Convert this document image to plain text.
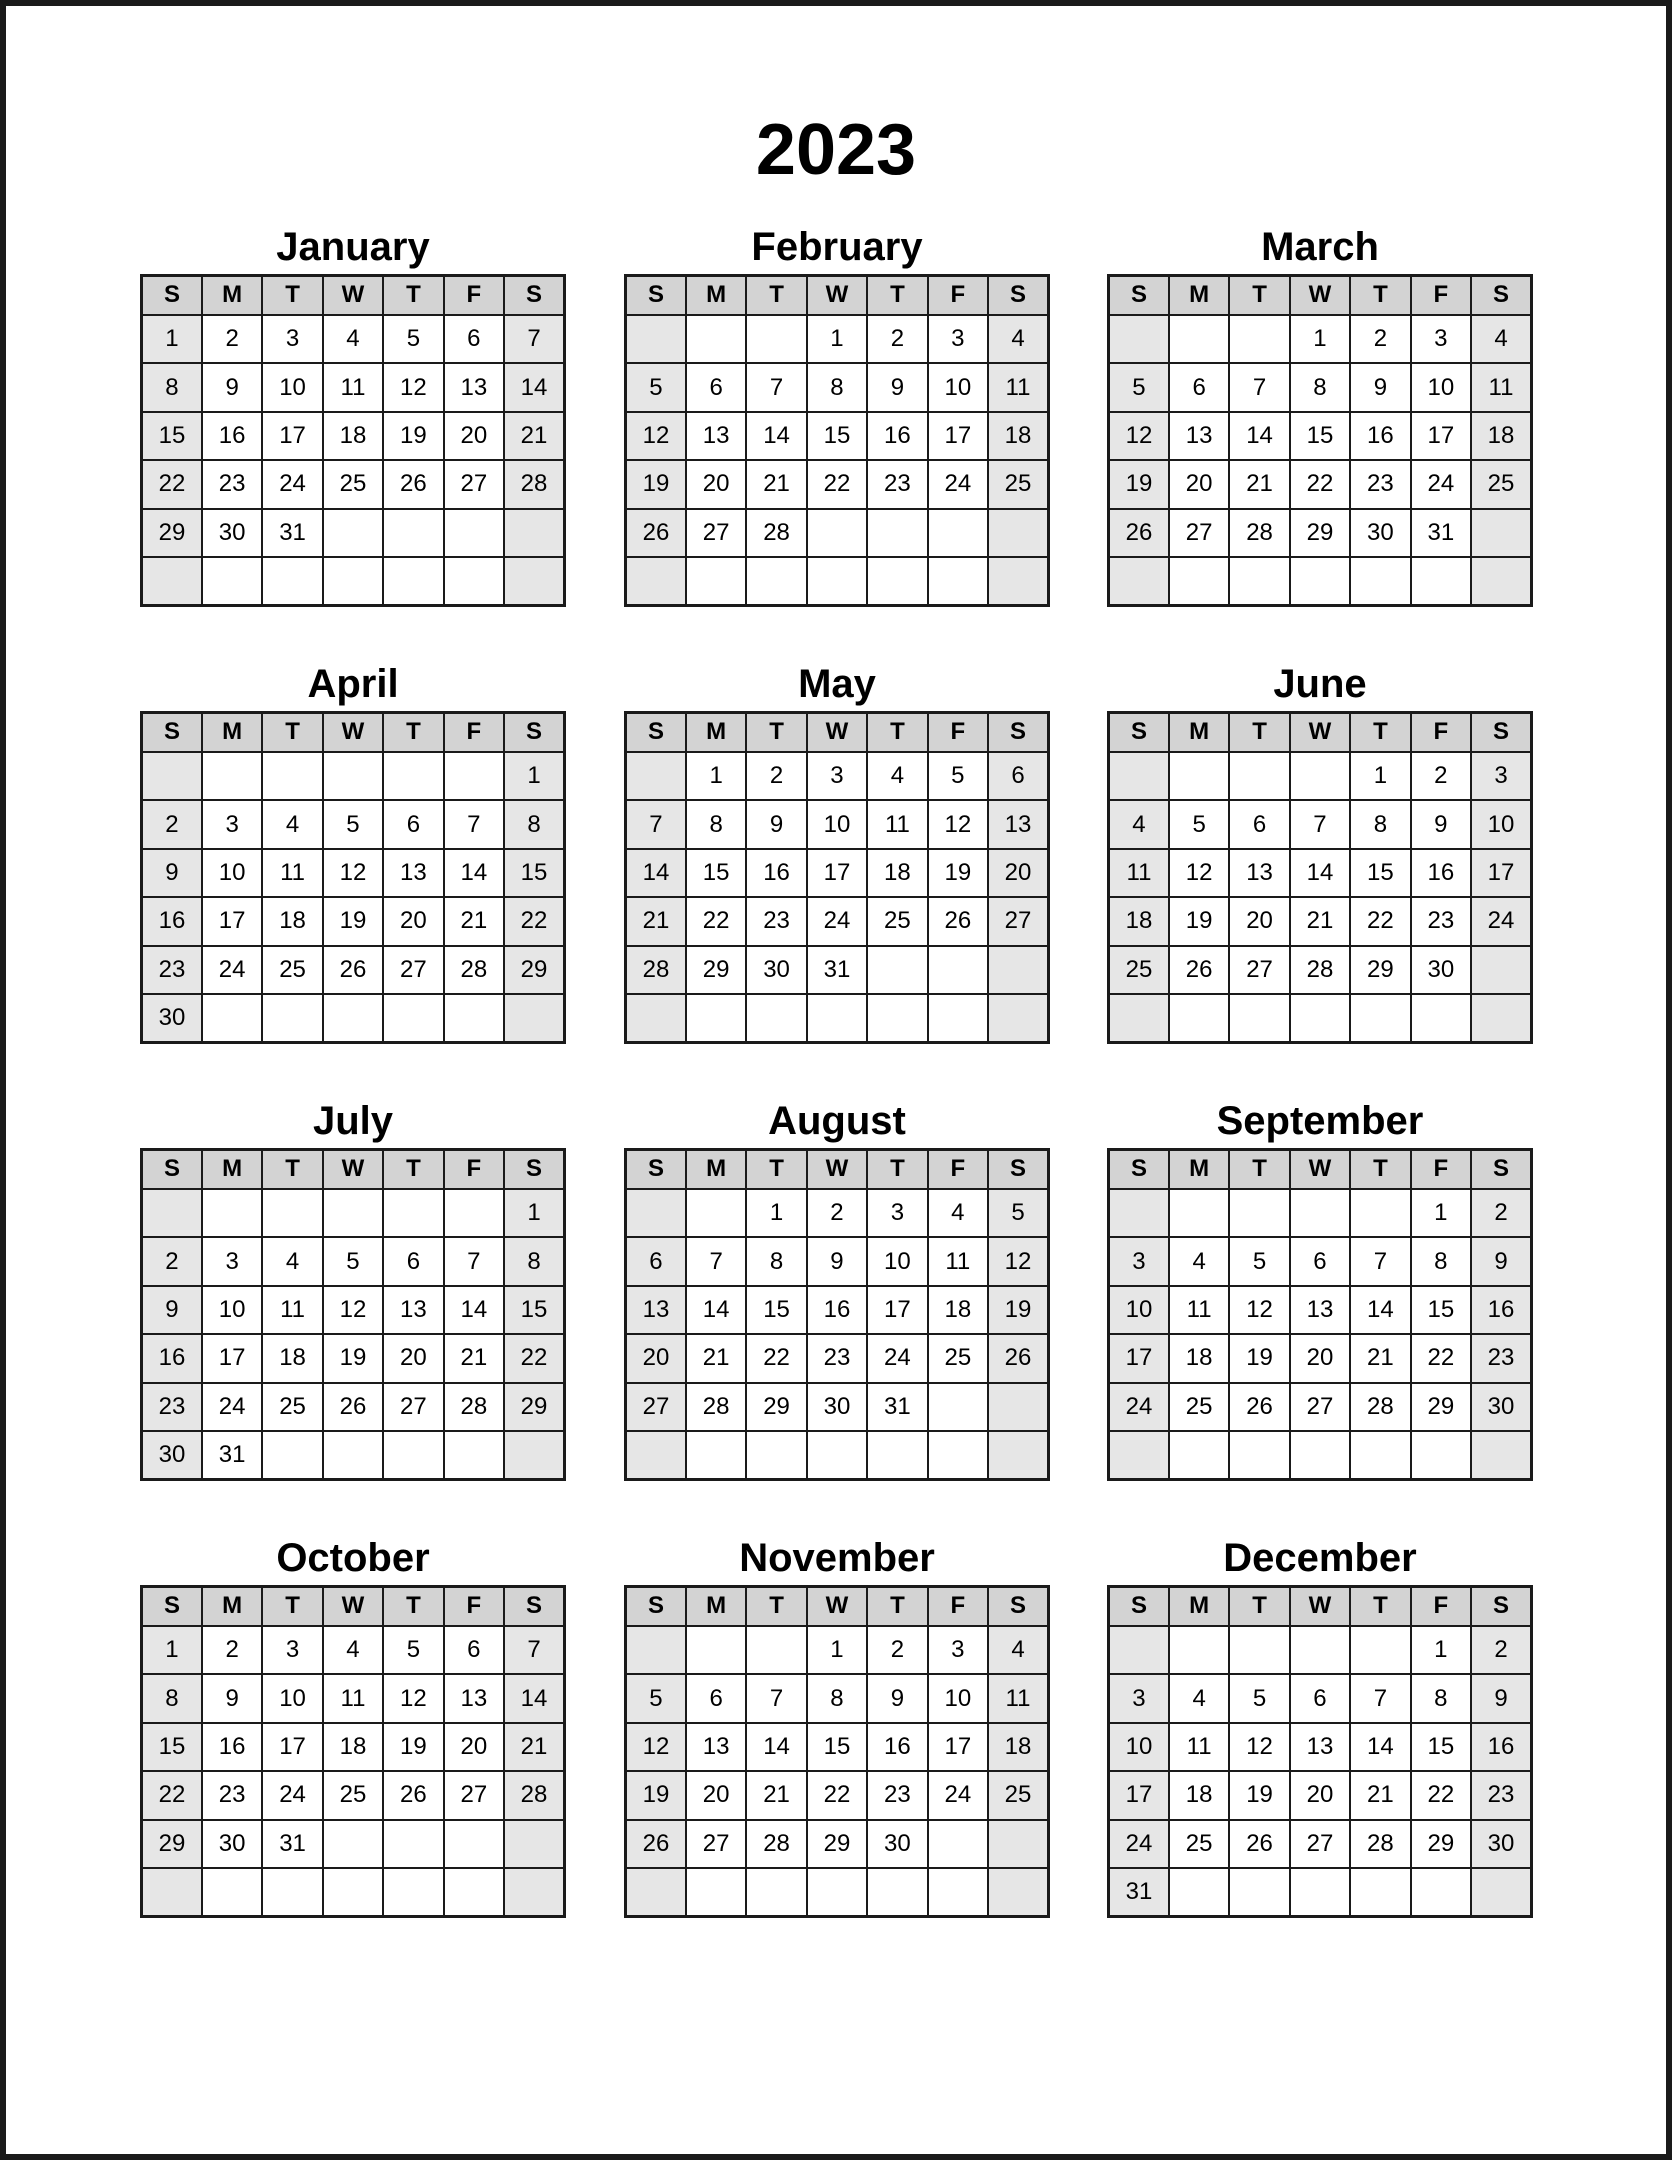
2023
January
S	M	T	W	T	F	S
1	2	3	4	5	6	7
8	9	10	11	12	13	14
15	16	17	18	19	20	21
22	23	24	25	26	27	28
29	30	31				

February
S	M	T	W	T	F	S
			1	2	3	4
5	6	7	8	9	10	11
12	13	14	15	16	17	18
19	20	21	22	23	24	25
26	27	28				

March
S	M	T	W	T	F	S
			1	2	3	4
5	6	7	8	9	10	11
12	13	14	15	16	17	18
19	20	21	22	23	24	25
26	27	28	29	30	31	

April
S	M	T	W	T	F	S
						1
2	3	4	5	6	7	8
9	10	11	12	13	14	15
16	17	18	19	20	21	22
23	24	25	26	27	28	29
30						
May
S	M	T	W	T	F	S
	1	2	3	4	5	6
7	8	9	10	11	12	13
14	15	16	17	18	19	20
21	22	23	24	25	26	27
28	29	30	31			

June
S	M	T	W	T	F	S
				1	2	3
4	5	6	7	8	9	10
11	12	13	14	15	16	17
18	19	20	21	22	23	24
25	26	27	28	29	30	

July
S	M	T	W	T	F	S
						1
2	3	4	5	6	7	8
9	10	11	12	13	14	15
16	17	18	19	20	21	22
23	24	25	26	27	28	29
30	31					
August
S	M	T	W	T	F	S
		1	2	3	4	5
6	7	8	9	10	11	12
13	14	15	16	17	18	19
20	21	22	23	24	25	26
27	28	29	30	31		

September
S	M	T	W	T	F	S
					1	2
3	4	5	6	7	8	9
10	11	12	13	14	15	16
17	18	19	20	21	22	23
24	25	26	27	28	29	30

October
S	M	T	W	T	F	S
1	2	3	4	5	6	7
8	9	10	11	12	13	14
15	16	17	18	19	20	21
22	23	24	25	26	27	28
29	30	31				

November
S	M	T	W	T	F	S
			1	2	3	4
5	6	7	8	9	10	11
12	13	14	15	16	17	18
19	20	21	22	23	24	25
26	27	28	29	30		

December
S	M	T	W	T	F	S
					1	2
3	4	5	6	7	8	9
10	11	12	13	14	15	16
17	18	19	20	21	22	23
24	25	26	27	28	29	30
31						
